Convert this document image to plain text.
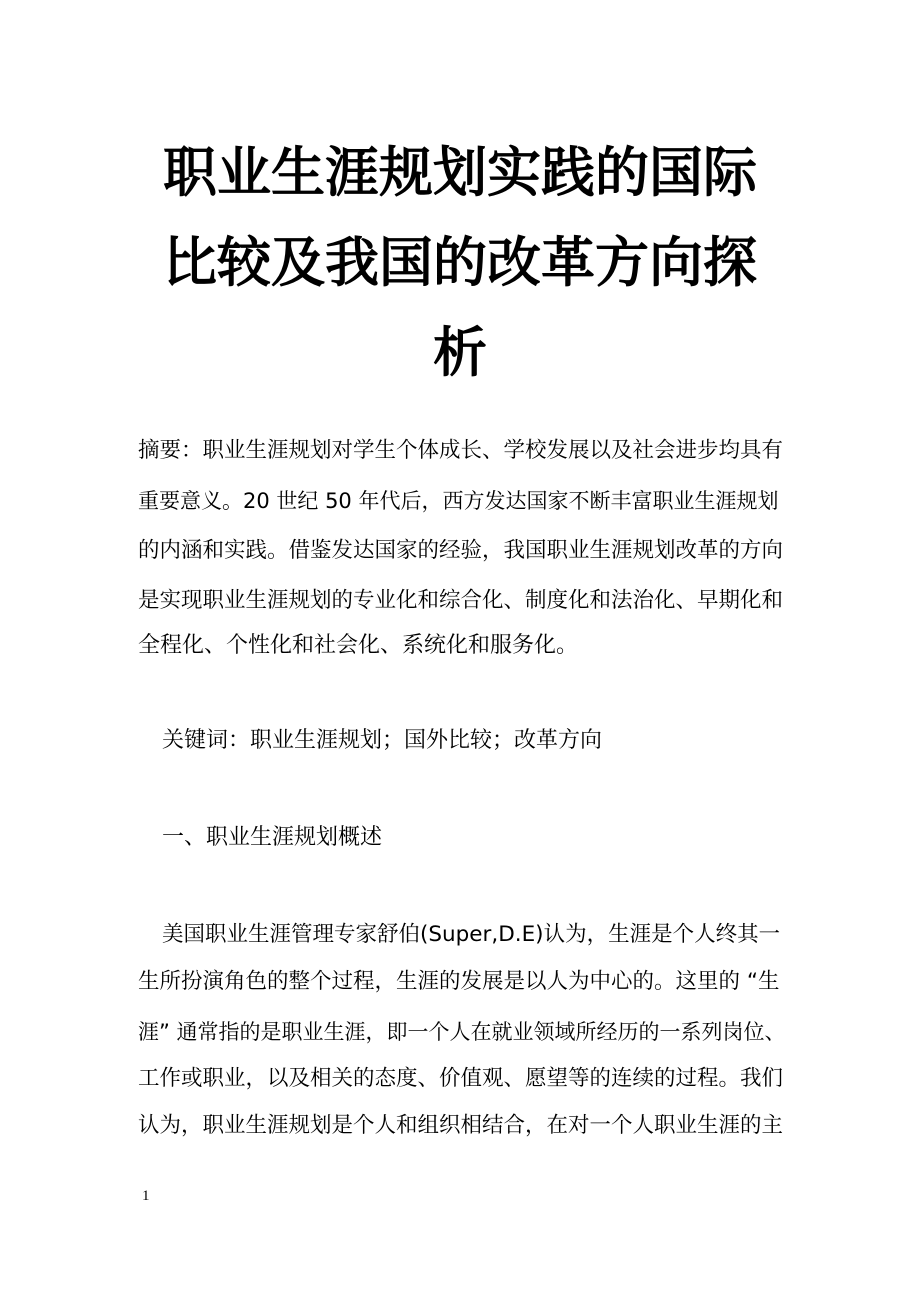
职业生涯规划实践的国际
比较及我国的改革方向探
析
摘要：职业生涯规划对学生个体成长、学校发展以及社会进步均具有
重要意义。20 世纪 50 年代后，西方发达国家不断丰富职业生涯规划
的内涵和实践。借鉴发达国家的经验，我国职业生涯规划改革的方向
是实现职业生涯规划的专业化和综合化、制度化和法治化、早期化和
全程化、个性化和社会化、系统化和服务化。
关键词：职业生涯规划；国外比较；改革方向
一、职业生涯规划概述
美国职业生涯管理专家舒伯(Super,D.E)认为，生涯是个人终其一
生所扮演角色的整个过程，生涯的发展是以人为中心的。这里的 “生
涯” 通常指的是职业生涯，即一个人在就业领域所经历的一系列岗位、
工作或职业，以及相关的态度、价值观、愿望等的连续的过程。我们
认为，职业生涯规划是个人和组织相结合，在对一个人职业生涯的主
1
